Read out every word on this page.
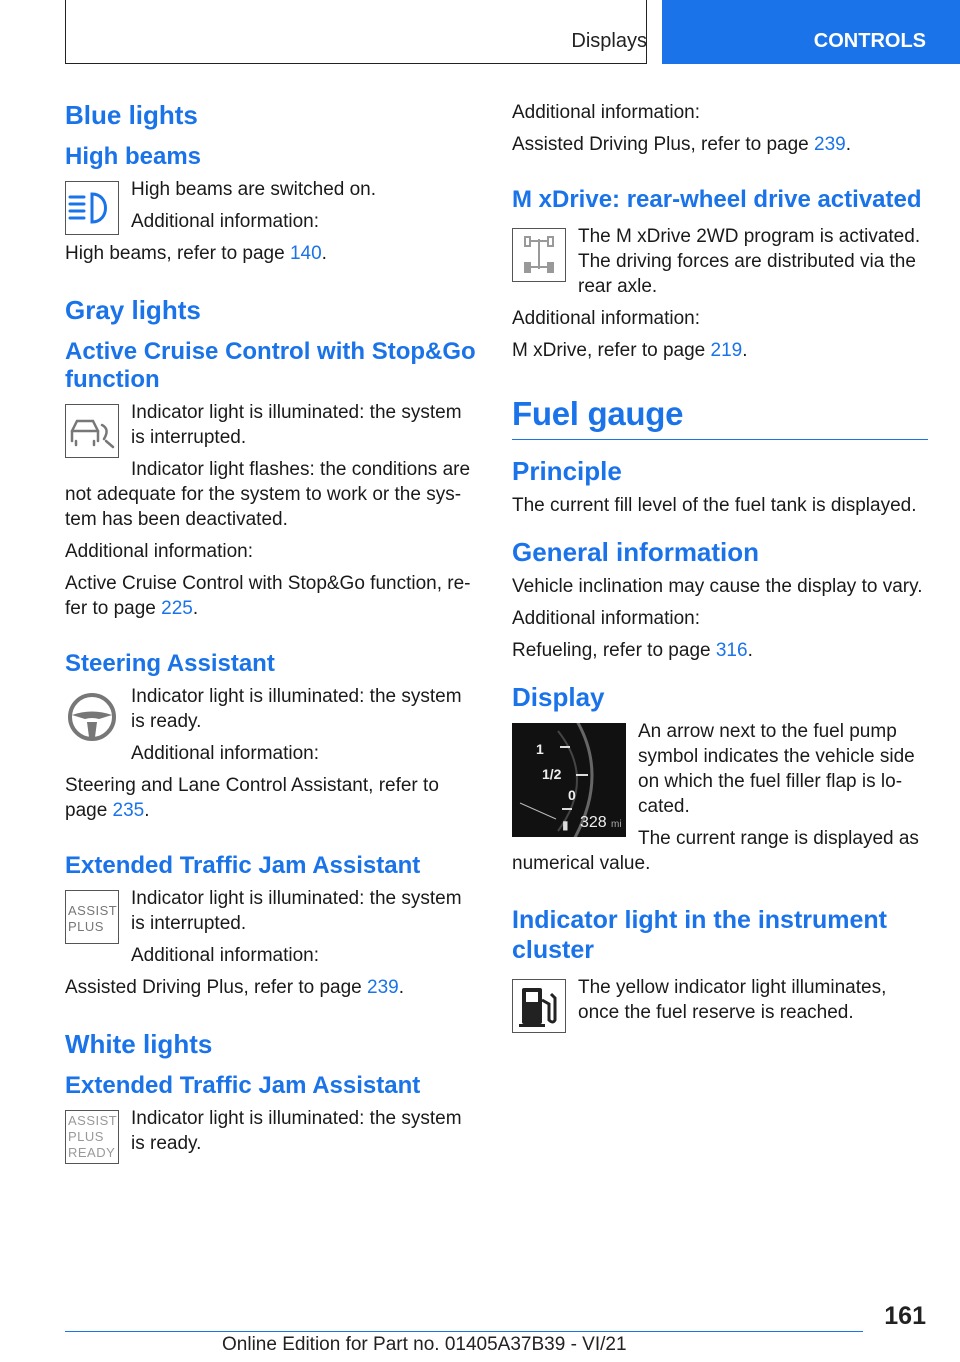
Displays	CONTROLS
Blue lights
High beams

High beams are switched on.

Additional information:

High beams, refer to page 140.

Gray lights
Active Cruise Control with Stop&Go function

Indicator light is illuminated: the system is interrupted.

Indicator light flashes: the conditions are not adequate for the system to work or the sys-tem has been deactivated.

Additional information:

Active Cruise Control with Stop&Go function, re-fer to page 225.

Steering Assistant

Indicator light is illuminated: the system is ready.

Additional information:

Steering and Lane Control Assistant, refer to page 235.

Extended Traffic Jam Assistant
ASSIST PLUS

Indicator light is illuminated: the system is interrupted.

Additional information:

Assisted Driving Plus, refer to page 239.

White lights
Extended Traffic Jam Assistant
ASSIST PLUS READY

Indicator light is illuminated: the system is ready.

Additional information:

Assisted Driving Plus, refer to page 239.

M xDrive: rear-wheel drive activated

The M xDrive 2WD program is activated. The driving forces are distributed via the rear axle.

Additional information:

M xDrive, refer to page 219.

Fuel gauge
Principle

The current fill level of the fuel tank is displayed.

General information

Vehicle inclination may cause the display to vary.

Additional information:

Refueling, refer to page 316.

Display
1
1/2
0
▮ 328 mi

An arrow next to the fuel pump symbol indicates the vehicle side on which the fuel filler flap is lo-cated.

The current range is displayed as numerical value.

Indicator light in the instrument cluster

The yellow indicator light illuminates, once the fuel reserve is reached.

161
Online Edition for Part no. 01405A37B39 - VI/21
